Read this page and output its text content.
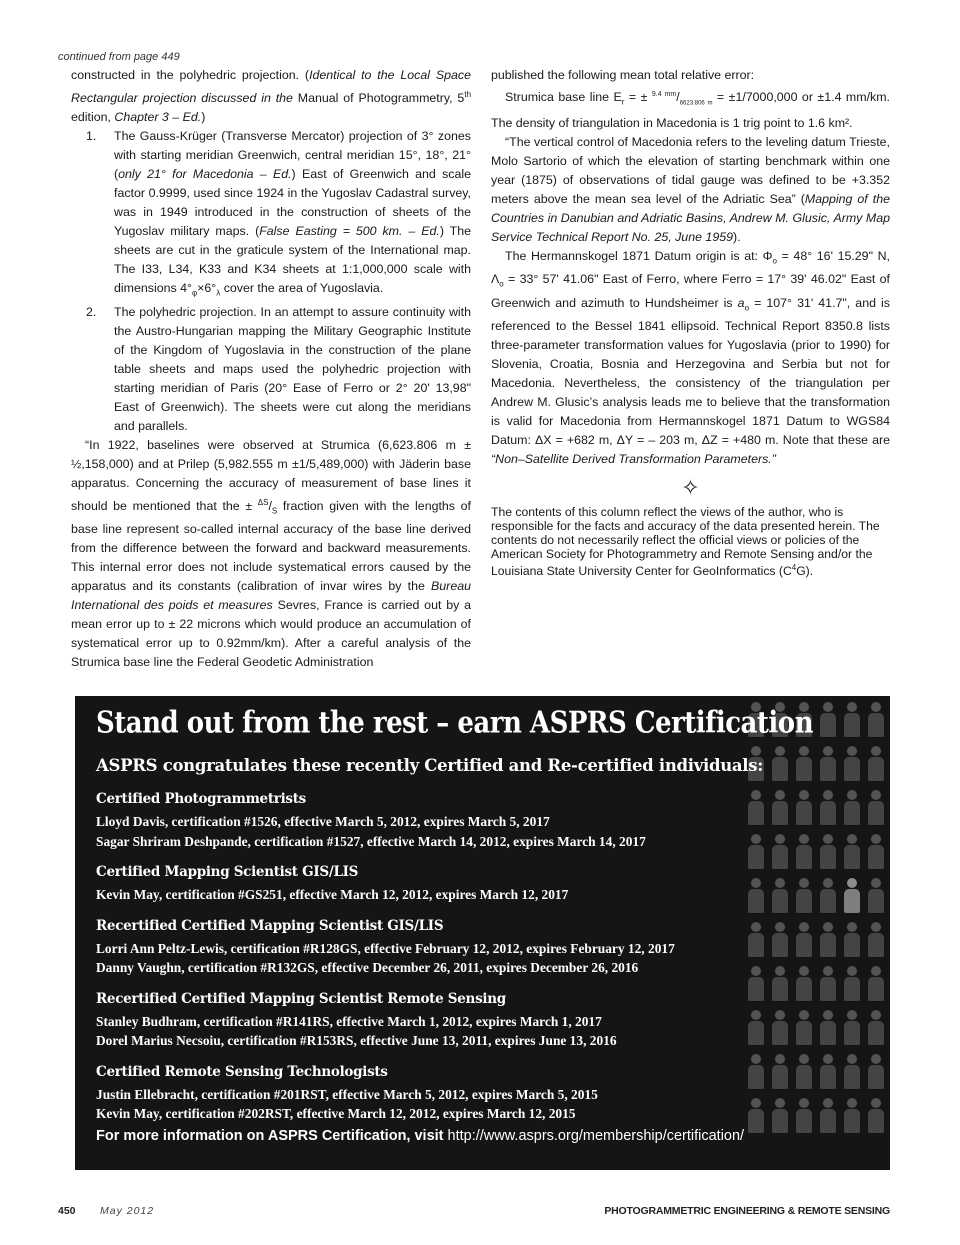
continued from page 449

constructed in the polyhedric projection. (Identical to the Local Space Rectangular projection discussed in the Manual of Photogrammetry, 5th edition, Chapter 3 – Ed.)

1. The Gauss-Krüger (Transverse Mercator) projection of 3° zones with starting meridian Greenwich, central meridian 15°, 18°, 21° (only 21° for Macedonia – Ed.) East of Greenwich and scale factor 0.9999, used since 1924 in the Yugoslav Cadastral survey, was in 1949 introduced in the construction of sheets of the Yugoslav military maps. (False Easting = 500 km. – Ed.) The sheets are cut in the graticule system of the International map. The I33, L34, K33 and K34 sheets at 1:1,000,000 scale with dimensions $4^\circ_\varphi\times 6^\circ_\lambda$ cover the area of Yugoslavia.
2. The polyhedric projection. In an attempt to assure continuity with the Austro-Hungarian mapping the Military Geographic Institute of the Kingdom of Yugoslavia in the construction of the plane table sheets and maps used the polyhedric projection with starting meridian of Paris (20° Ease of Ferro or 2° 20' 13,98" East of Greenwich). The sheets were cut along the meridians and parallels.

“In 1922, baselines were observed at Strumica (6,623.806 m ± ½,158,000) and at Prilep (5,982.555 m ±1/5,489,000) with Jäderin base apparatus. Concerning the accuracy of measurement of base lines it should be mentioned that the ± $^{\Delta S}/_S$ fraction given with the lengths of base line represent so-called internal accuracy of the base line derived from the difference between the forward and backward measurements. This internal error does not include systematical errors caused by the apparatus and its constants (calibration of invar wires by the Bureau International des poids et measures Sevres, France is carried out by a mean error up to ± 22 microns which would produce an accumulation of systematical error up to 0.92mm/km). After a careful analysis of the Strumica base line the Federal Geodetic Administration

published the following mean total relative error:

Strumica base line $E_r$ = ± $^{9.4 mm}/_{6623.806 m} = \pm 1/7000,000$ or ±1.4 mm/km. The density of triangulation in Macedonia is 1 trig point to 1.6 km².

“The vertical control of Macedonia refers to the leveling datum Trieste, Molo Sartorio of which the elevation of starting benchmark within one year (1875) of observations of tidal gauge was defined to be +3.352 meters above the mean sea level of the Adriatic Sea” (Mapping of the Countries in Danubian and Adriatic Basins, Andrew M. Glusic, Army Map Service Technical Report No. 25, June 1959).

The Hermannskogel 1871 Datum origin is at: $\Phi_o = 48^\circ$ 16' 15.29" N, $\Lambda_o = 33^\circ$ 57' 41.06" East of Ferro, where Ferro = 17° 39' 46.02" East of Greenwich and azimuth to Hundsheimer is $a_o = 107^\circ$ 31' 41.7", and is referenced to the Bessel 1841 ellipsoid. Technical Report 8350.8 lists three-parameter transformation values for Yugoslavia (prior to 1990) for Slovenia, Croatia, Bosnia and Herzegovina and Serbia but not for Macedonia. Nevertheless, the consistency of the triangulation per Andrew M. Glusic’s analysis leads me to believe that the transformation is valid for Macedonia from Hermannskogel 1871 Datum to WGS84 Datum: ΔX = +682 m, ΔY = – 203 m, ΔZ = +480 m. Note that these are “Non–Satellite Derived Transformation Parameters.”

✧

The contents of this column reflect the views of the author, who is responsible for the facts and accuracy of the data presented herein. The contents do not necessarily reflect the official views or policies of the American Society for Photogrammetry and Remote Sensing and/or the Louisiana State University Center for GeoInformatics $(C^4G)$.

Stand out from the rest – earn ASPRS Certification
ASPRS congratulates these recently Certified and Re-certified individuals:
Certified Photogrammetrists
Lloyd Davis, certification #1526, effective March 5, 2012, expires March 5, 2017
Sagar Shriram Deshpande, certification #1527, effective March 14, 2012, expires March 14, 2017
Certified Mapping Scientist GIS/LIS
Kevin May, certification #GS251, effective March 12, 2012, expires March 12, 2017
Recertified Certified Mapping Scientist GIS/LIS
Lorri Ann Peltz-Lewis, certification #R128GS, effective February 12, 2012, expires February 12, 2017
Danny Vaughn, certification #R132GS, effective December 26, 2011, expires December 26, 2016
Recertified Certified Mapping Scientist Remote Sensing
Stanley Budhram, certification #R141RS, effective March 1, 2012, expires March 1, 2017
Dorel Marius Necsoiu, certification #R153RS, effective June 13, 2011, expires June 13, 2016
Certified Remote Sensing Technologists
Justin Ellebracht, certification #201RST, effective March 5, 2012, expires March 5, 2015
Kevin May, certification #202RST, effective March 12, 2012, expires March 12, 2015
For more information on ASPRS Certification, visit http://www.asprs.org/membership/certification/
450 May 2012	PHOTOGRAMMETRIC ENGINEERING & REMOTE SENSING
